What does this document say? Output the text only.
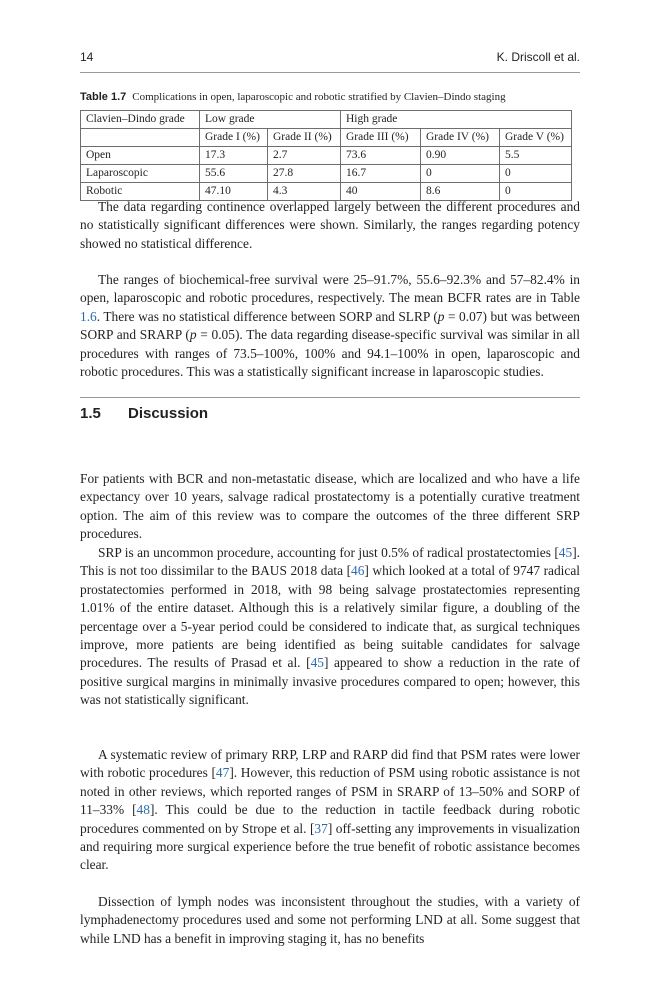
14	K. Driscoll et al.
Table 1.7 Complications in open, laparoscopic and robotic stratified by Clavien–Dindo staging
Clavien–Dindo grade	Low grade		High grade		
	Grade I (%)	Grade II (%)	Grade III (%)	Grade IV (%)	Grade V (%)
Open	17.3	2.7	73.6	0.90	5.5
Laparoscopic	55.6	27.8	16.7	0	0
Robotic	47.10	4.3	40	8.6	0

The data regarding continence overlapped largely between the different procedures and no statistically significant differences were shown. Similarly, the ranges regarding potency showed no statistical difference.

The ranges of biochemical-free survival were 25–91.7%, 55.6–92.3% and 57–82.4% in open, laparoscopic and robotic procedures, respectively. The mean BCFR rates are in Table 1.6. There was no statistical difference between SORP and SLRP (p = 0.07) but was between SORP and SRARP (p = 0.05). The data regarding disease-specific survival was similar in all procedures with ranges of 73.5–100%, 100% and 94.1–100% in open, laparoscopic and robotic procedures. This was a statistically significant increase in laparoscopic studies.

1.5 Discussion

For patients with BCR and non-metastatic disease, which are localized and who have a life expectancy over 10 years, salvage radical prostatectomy is a potentially curative treatment option. The aim of this review was to compare the outcomes of the three different SRP procedures.

SRP is an uncommon procedure, accounting for just 0.5% of radical prostatectomies [45]. This is not too dissimilar to the BAUS 2018 data [46] which looked at a total of 9747 radical prostatectomies performed in 2018, with 98 being salvage prostatectomies representing 1.01% of the entire dataset. Although this is a relatively similar figure, a doubling of the percentage over a 5-year period could be considered to indicate that, as surgical techniques improve, more patients are being identified as being suitable candidates for salvage procedures. The results of Prasad et al. [45] appeared to show a reduction in the rate of positive surgical margins in minimally invasive procedures compared to open; however, this was not statistically significant.

A systematic review of primary RRP, LRP and RARP did find that PSM rates were lower with robotic procedures [47]. However, this reduction of PSM using robotic assistance is not noted in other reviews, which reported ranges of PSM in SRARP of 13–50% and SORP of 11–33% [48]. This could be due to the reduction in tactile feedback during robotic procedures commented on by Strope et al. [37] off-setting any improvements in visualization and requiring more surgical experience before the true benefit of robotic assistance becomes clear.

Dissection of lymph nodes was inconsistent throughout the studies, with a variety of lymphadenectomy procedures used and some not performing LND at all. Some suggest that while LND has a benefit in improving staging it, has no benefits
